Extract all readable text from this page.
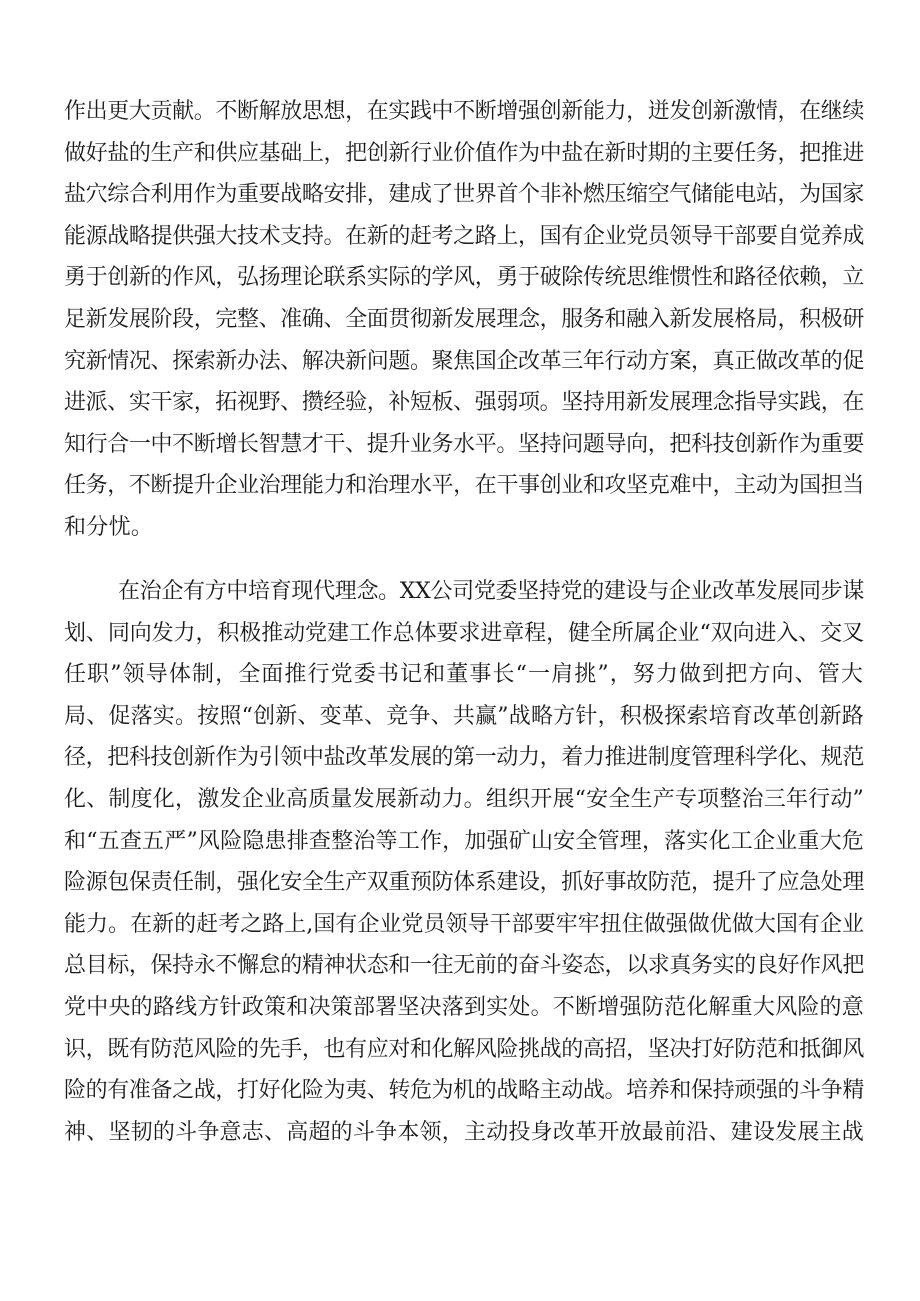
作出更大贡献。不断解放思想，在实践中不断增强创新能力，迸发创新激情，在继续
做好盐的生产和供应基础上，把创新行业价值作为中盐在新时期的主要任务，把推进
盐穴综合利用作为重要战略安排，建成了世界首个非补燃压缩空气储能电站，为国家
能源战略提供强大技术支持。在新的赶考之路上，国有企业党员领导干部要自觉养成
勇于创新的作风，弘扬理论联系实际的学风，勇于破除传统思维惯性和路径依赖，立
足新发展阶段，完整、准确、全面贯彻新发展理念，服务和融入新发展格局，积极研
究新情况、探索新办法、解决新问题。聚焦国企改革三年行动方案，真正做改革的促
进派、实干家，拓视野、攒经验，补短板、强弱项。坚持用新发展理念指导实践，在
知行合一中不断增长智慧才干、提升业务水平。坚持问题导向，把科技创新作为重要
任务，不断提升企业治理能力和治理水平，在干事创业和攻坚克难中，主动为国担当
和分忧。
在治企有方中培育现代理念。XX公司党委坚持党的建设与企业改革发展同步谋
划、同向发力，积极推动党建工作总体要求进章程，健全所属企业“双向进入、交叉
任职”领导体制，全面推行党委书记和董事长“一肩挑”，努力做到把方向、管大
局、促落实。按照“创新、变革、竞争、共赢”战略方针，积极探索培育改革创新路
径，把科技创新作为引领中盐改革发展的第一动力，着力推进制度管理科学化、规范
化、制度化，激发企业高质量发展新动力。组织开展“安全生产专项整治三年行动”
和“五查五严”风险隐患排查整治等工作，加强矿山安全管理，落实化工企业重大危
险源包保责任制，强化安全生产双重预防体系建设，抓好事故防范，提升了应急处理
能力。在新的赶考之路上,国有企业党员领导干部要牢牢扭住做强做优做大国有企业
总目标，保持永不懈怠的精神状态和一往无前的奋斗姿态，以求真务实的良好作风把
党中央的路线方针政策和决策部署坚决落到实处。不断增强防范化解重大风险的意
识，既有防范风险的先手，也有应对和化解风险挑战的高招，坚决打好防范和抵御风
险的有准备之战，打好化险为夷、转危为机的战略主动战。培养和保持顽强的斗争精
神、坚韧的斗争意志、高超的斗争本领，主动投身改革开放最前沿、建设发展主战
